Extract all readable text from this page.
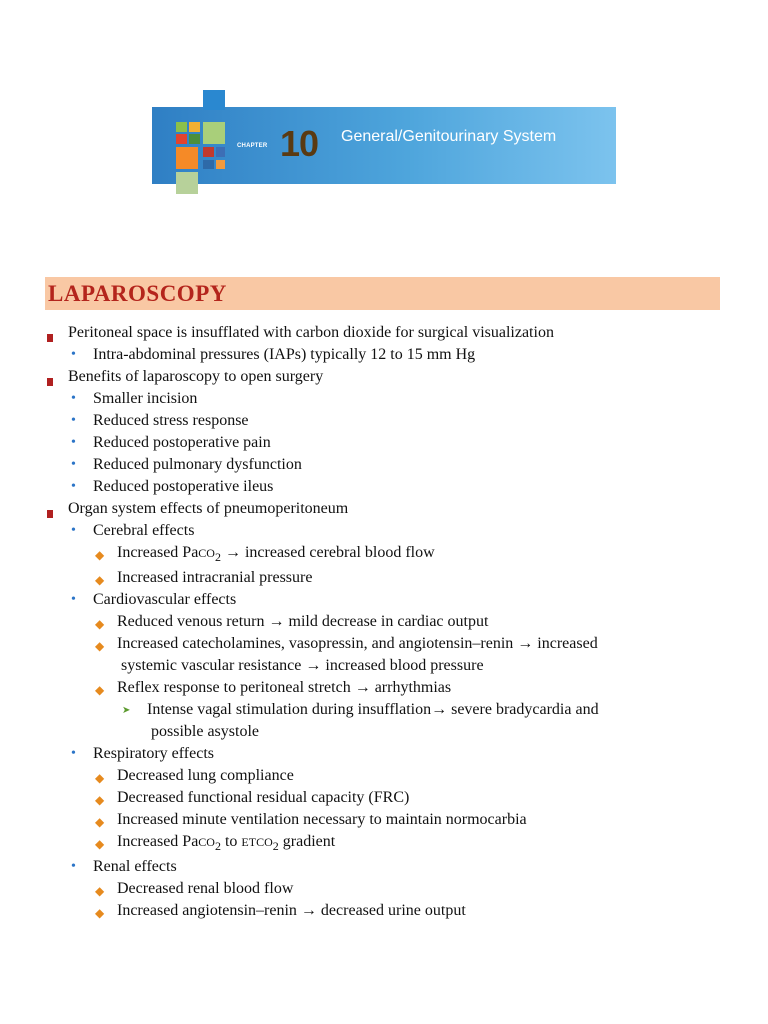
CHAPTER 10 General/Genitourinary System
LAPAROSCOPY
Peritoneal space is insufflated with carbon dioxide for surgical visualization
• Intra-abdominal pressures (IAPs) typically 12 to 15 mm Hg
Benefits of laparoscopy to open surgery
• Smaller incision
• Reduced stress response
• Reduced postoperative pain
• Reduced pulmonary dysfunction
• Reduced postoperative ileus
Organ system effects of pneumoperitoneum
• Cerebral effects
◆ Increased PaCO$_2$ → increased cerebral blood flow
◆ Increased intracranial pressure
• Cardiovascular effects
◆ Reduced venous return → mild decrease in cardiac output
◆ Increased catecholamines, vasopressin, and angiotensin–renin → increased
systemic vascular resistance → increased blood pressure
◆ Reflex response to peritoneal stretch → arrhythmias
➤ Intense vagal stimulation during insufflation→ severe bradycardia and
possible asystole
• Respiratory effects
◆ Decreased lung compliance
◆ Decreased functional residual capacity (FRC)
◆ Increased minute ventilation necessary to maintain normocarbia
◆ Increased PaCO$_2$ to $ETCO_2$ gradient
• Renal effects
◆ Decreased renal blood flow
◆ Increased angiotensin–renin → decreased urine output
